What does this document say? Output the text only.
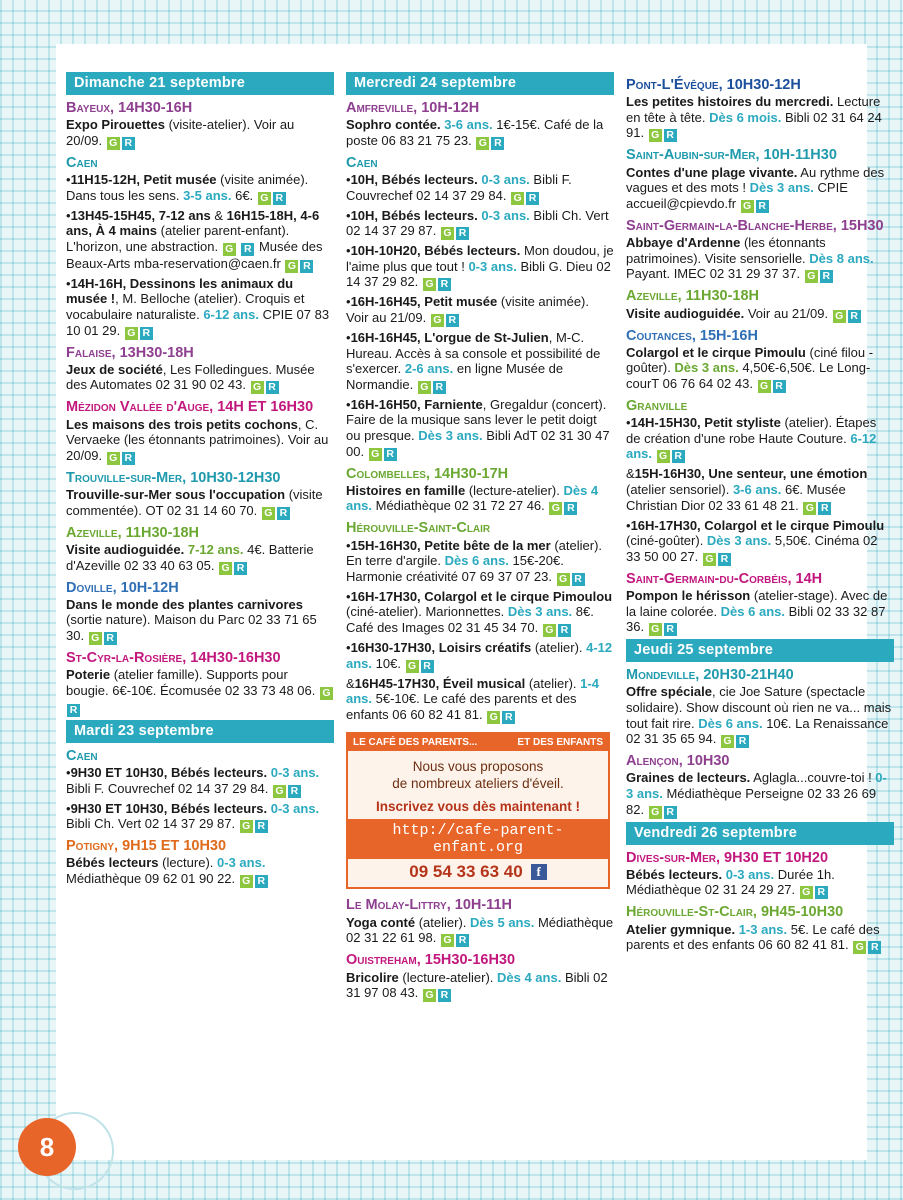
Dimanche 21 septembre
Bayeux, 14H30-16H
Expo Pirouettes (visite-atelier). Voir au 20/09. G R
Caen
•11H15-12H, Petit musée (visite animée). Dans tous les sens. 3-5 ans. 6€. G R
•13H45-15H45, 7-12 ans & 16H15-18H, 4-6 ans, À 4 mains (atelier parent-enfant). L'horizon, une abstraction. G R Musée des Beaux-Arts mba-reservation@caen.fr G R
•14H-16H, Dessinons les animaux du musée !, M. Belloche (atelier). Croquis et vocabulaire naturaliste. 6-12 ans. CPIE 07 83 10 01 29. G R
Falaise, 13H30-18H
Jeux de société, Les Folledingues. Musée des Automates 02 31 90 02 43. G R
Mézidon Vallée d'Auge, 14H ET 16H30
Les maisons des trois petits cochons, C. Vervaeke (les étonnants patrimoines). Voir au 20/09. G R
Trouville-sur-Mer, 10H30-12H30
Trouville-sur-Mer sous l'occupation (visite commentée). OT 02 31 14 60 70. G R
Azeville, 11H30-18H
Visite audioguidée. 7-12 ans. 4€. Batterie d'Azeville 02 33 40 63 05. G R
Doville, 10H-12H
Dans le monde des plantes carnivores (sortie nature). Maison du Parc 02 33 71 65 30. G R
St-Cyr-la-Rosière, 14H30-16H30
Poterie (atelier famille). Supports pour bougie. 6€-10€. Écomusée 02 33 73 48 06. GR
Mardi 23 septembre
Caen
•9H30 ET 10H30, Bébés lecteurs. 0-3 ans. Bibli F. Couvrechef 02 14 37 29 84. G R
•9H30 ET 10H30, Bébés lecteurs. 0-3 ans. Bibli Ch. Vert 02 14 37 29 87. G R
Potigny, 9H15 ET 10H30
Bébés lecteurs (lecture). 0-3 ans. Médiathèque 09 62 01 90 22. G R
Mercredi 24 septembre
Amfreville, 10H-12H
Sophro contée. 3-6 ans. 1€-15€. Café de la poste 06 83 21 75 23. G R
Caen
•10H, Bébés lecteurs. 0-3 ans. Bibli F. Couvrechef 02 14 37 29 84. G R
•10H, Bébés lecteurs. 0-3 ans. Bibli Ch. Vert 02 14 37 29 87. G R
•10H-10H20, Bébés lecteurs. Mon doudou, je l'aime plus que tout ! 0-3 ans. Bibli G. Dieu 02 14 37 29 82. G R
•16H-16H45, Petit musée (visite animée). Voir au 21/09. G R
•16H-16H45, L'orgue de St-Julien, M-C. Hureau. Accès à sa console et possibilité de s'exercer. 2-6 ans. en ligne Musée de Normandie. G R
•16H-16H50, Farniente, Gregaldur (concert). Faire de la musique sans lever le petit doigt ou presque. Dès 3 ans. Bibli AdT 02 31 30 47 00. G R
Colombelles, 14H30-17H
Histoires en famille (lecture-atelier). Dès 4 ans. Médiathèque 02 31 72 27 46. G R
Hérouville-Saint-Clair
•15H-16H30, Petite bête de la mer (atelier). En terre d'argile. Dès 6 ans. 15€-20€. Harmonie créativité 07 69 37 07 23. G R
•16H-17H30, Colargol et le cirque Pimoulou (ciné-atelier). Marionnettes. Dès 3 ans. 8€. Café des Images 02 31 45 34 70. G R
•16H30-17H30, Loisirs créatifs (atelier). 4-12 ans. 10€. G R
&16H45-17H30, Éveil musical (atelier). 1-4 ans. 5€-10€. Le café des parents et des enfants 06 60 82 41 81. G R
LE CAFÉ DES PARENTS...	ET DES ENFANTS
Nous vous proposons
de nombreux ateliers d'éveil.
Inscrivez vous dès maintenant !
http://cafe-parent-enfant.org
09 54 33 63 40	f
Le Molay-Littry, 10H-11H
Yoga conté (atelier). Dès 5 ans. Médiathèque 02 31 22 61 98. G R
Ouistreham, 15H30-16H30
Bricolire (lecture-atelier). Dès 4 ans. Bibli 02 31 97 08 43. G R
Pont-L'Évêque, 10H30-12H
Les petites histoires du mercredi. Lecture en tête à tête. Dès 6 mois. Bibli 02 31 64 24 91. G R
Saint-Aubin-sur-Mer, 10H-11H30
Contes d'une plage vivante. Au rythme des vagues et des mots ! Dès 3 ans. CPIE accueil@cpievdo.fr G R
Saint-Germain-la-Blanche-Herbe, 15H30
Abbaye d'Ardenne (les étonnants patrimoines). Visite sensorielle. Dès 8 ans. Payant. IMEC 02 31 29 37 37. G R
Azeville, 11H30-18H
Visite audioguidée. Voir au 21/09. G R
Coutances, 15H-16H
Colargol et le cirque Pimoulu (ciné filou - goûter). Dès 3 ans. 4,50€-6,50€. Le Long-courT 06 76 64 02 43. G R
Granville
•14H-15H30, Petit styliste (atelier). Étapes de création d'une robe Haute Couture. 6-12 ans. G R
&15H-16H30, Une senteur, une émotion (atelier sensoriel). 3-6 ans. 6€. Musée Christian Dior 02 33 61 48 21. G R
•16H-17H30, Colargol et le cirque Pimoulu (ciné-goûter). Dès 3 ans. 5,50€. Cinéma 02 33 50 00 27. G R
Saint-Germain-du-Corbéis, 14H
Pompon le hérisson (atelier-stage). Avec de la laine colorée. Dès 6 ans. Bibli 02 33 32 87 36. G R
Jeudi 25 septembre
Mondeville, 20H30-21H40
Offre spéciale, cie Joe Sature (spectacle solidaire). Show discount où rien ne va... mais tout fait rire. Dès 6 ans. 10€. La Renaissance 02 31 35 65 94. G R
Alençon, 10H30
Graines de lecteurs. Aglagla...couvre-toi ! 0-3 ans. Médiathèque Perseigne 02 33 26 69 82. G R
Vendredi 26 septembre
Dives-sur-Mer, 9H30 ET 10H20
Bébés lecteurs. 0-3 ans. Durée 1h. Médiathèque 02 31 24 29 27. G R
Hérouville-St-Clair, 9H45-10H30
Atelier gymnique. 1-3 ans. 5€. Le café des parents et des enfants 06 60 82 41 81. G R
8
